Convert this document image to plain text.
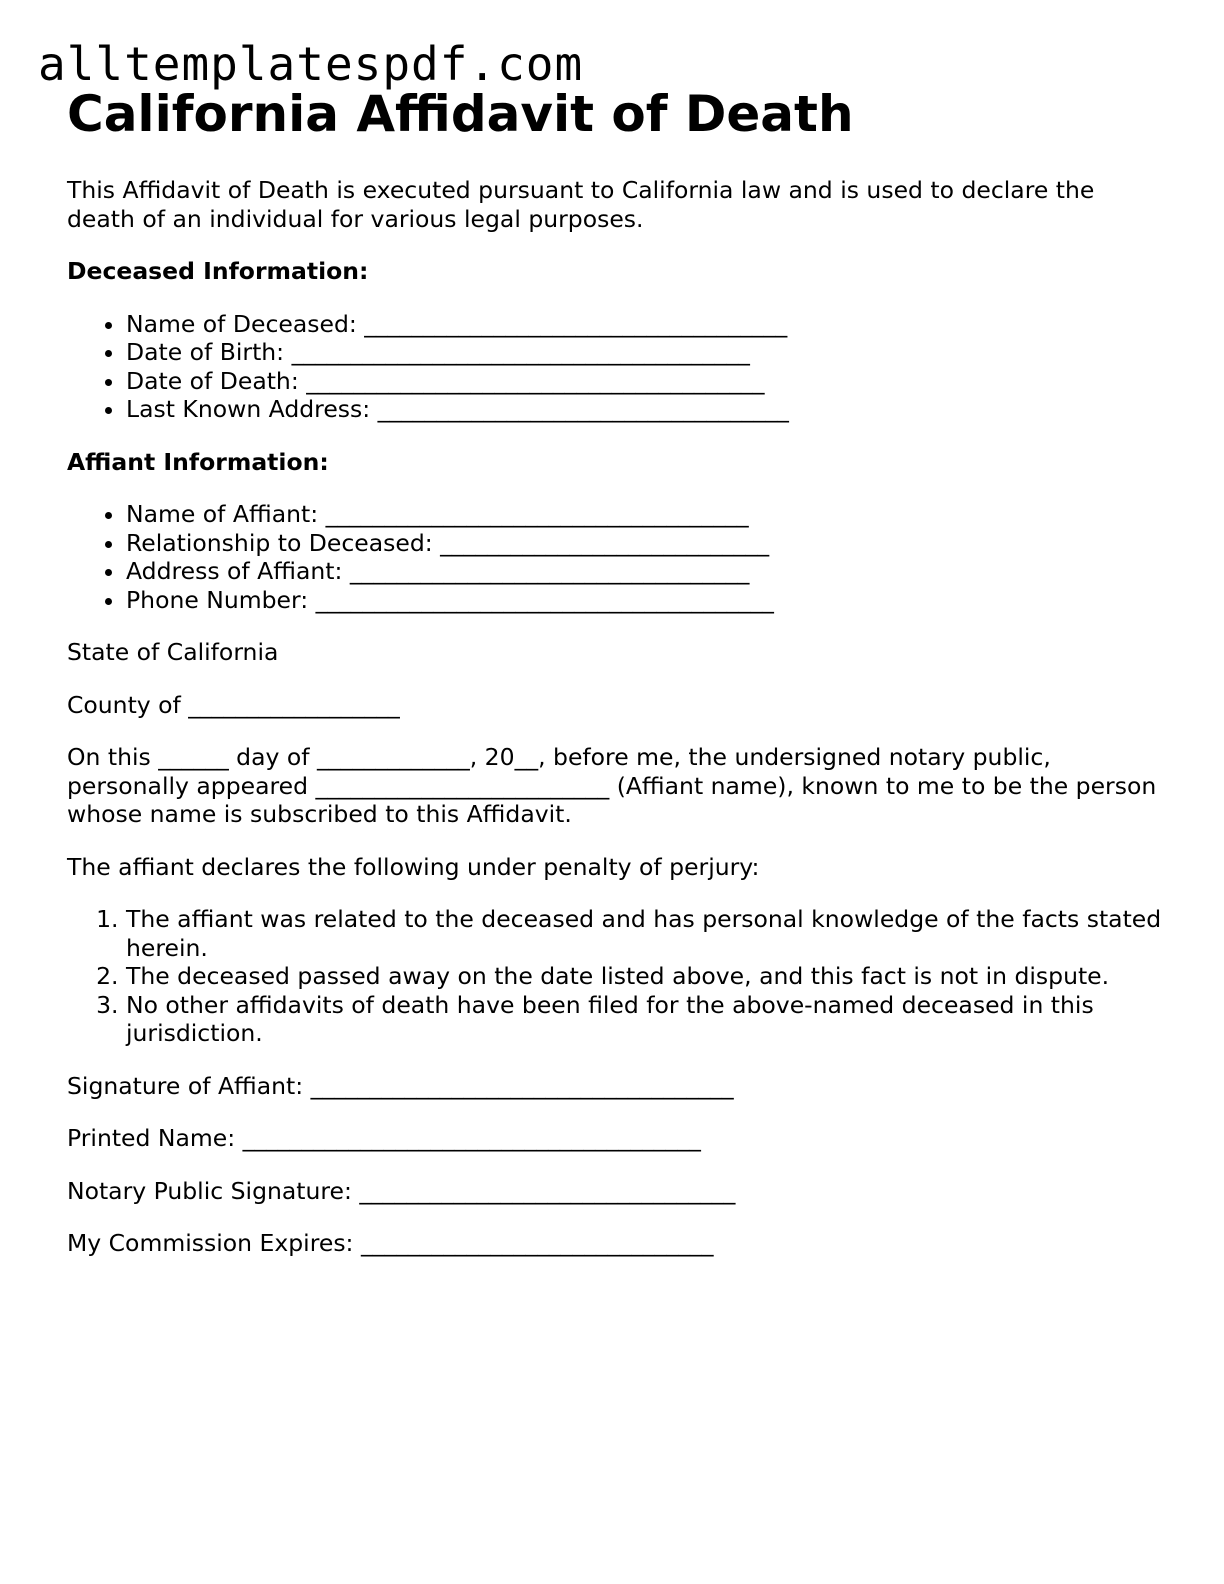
alltemplatespdf.com
California Affidavit of Death

This Affidavit of Death is executed pursuant to California law and is used to declare the death of an individual for various legal purposes.

Deceased Information:

• Name of Deceased: ____________________________________
• Date of Birth: _______________________________________
• Date of Death: _______________________________________
• Last Known Address: ___________________________________

Affiant Information:

• Name of Affiant: ____________________________________
• Relationship to Deceased: ____________________________
• Address of Affiant: __________________________________
• Phone Number: _______________________________________

State of California

County of __________________

On this ______ day of _____________, 20__, before me, the undersigned notary public, personally appeared _________________________ (Affiant name), known to me to be the person whose name is subscribed to this Affidavit.

The affiant declares the following under penalty of perjury:

1. The affiant was related to the deceased and has personal knowledge of the facts stated herein.
2. The deceased passed away on the date listed above, and this fact is not in dispute.
3. No other affidavits of death have been filed for the above-named deceased in this jurisdiction.

Signature of Affiant: ____________________________________

Printed Name: _______________________________________

Notary Public Signature: ________________________________

My Commission Expires: ______________________________
